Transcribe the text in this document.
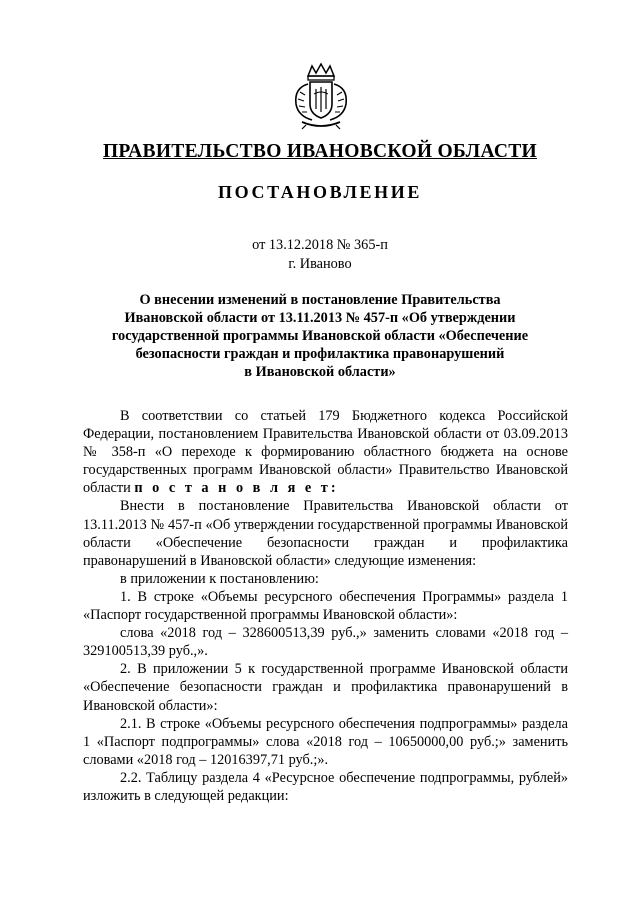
ПРАВИТЕЛЬСТВО ИВАНОВСКОЙ ОБЛАСТИ
ПОСТАНОВЛЕНИЕ
от 13.12.2018 № 365-п
г. Иваново
О внесении изменений в постановление Правительства
Ивановской области от 13.11.2013 № 457-п «Об утверждении
государственной программы Ивановской области «Обеспечение
безопасности граждан и профилактика правонарушений
в Ивановской области»

В соответствии со статьей 179 Бюджетного кодекса Российской Федерации, постановлением Правительства Ивановской области от 03.09.2013 № 358-п «О переходе к формированию областного бюджета на основе государственных программ Ивановской области» Правительство Ивановской области п о с т а н о в л я е т:

Внести в постановление Правительства Ивановской области от 13.11.2013 № 457-п «Об утверждении государственной программы Ивановской области «Обеспечение безопасности граждан и профилактика правонарушений в Ивановской области» следующие изменения:

в приложении к постановлению:

1. В строке «Объемы ресурсного обеспечения Программы» раздела 1 «Паспорт государственной программы Ивановской области»:

слова «2018 год – 328600513,39 руб.,» заменить словами «2018 год – 329100513,39 руб.,».

2. В приложении 5 к государственной программе Ивановской области «Обеспечение безопасности граждан и профилактика правонарушений в Ивановской области»:

2.1. В строке «Объемы ресурсного обеспечения подпрограммы» раздела 1 «Паспорт подпрограммы» слова «2018 год – 10650000,00 руб.;» заменить словами «2018 год – 12016397,71 руб.;».

2.2. Таблицу раздела 4 «Ресурсное обеспечение подпрограммы, рублей» изложить в следующей редакции:
